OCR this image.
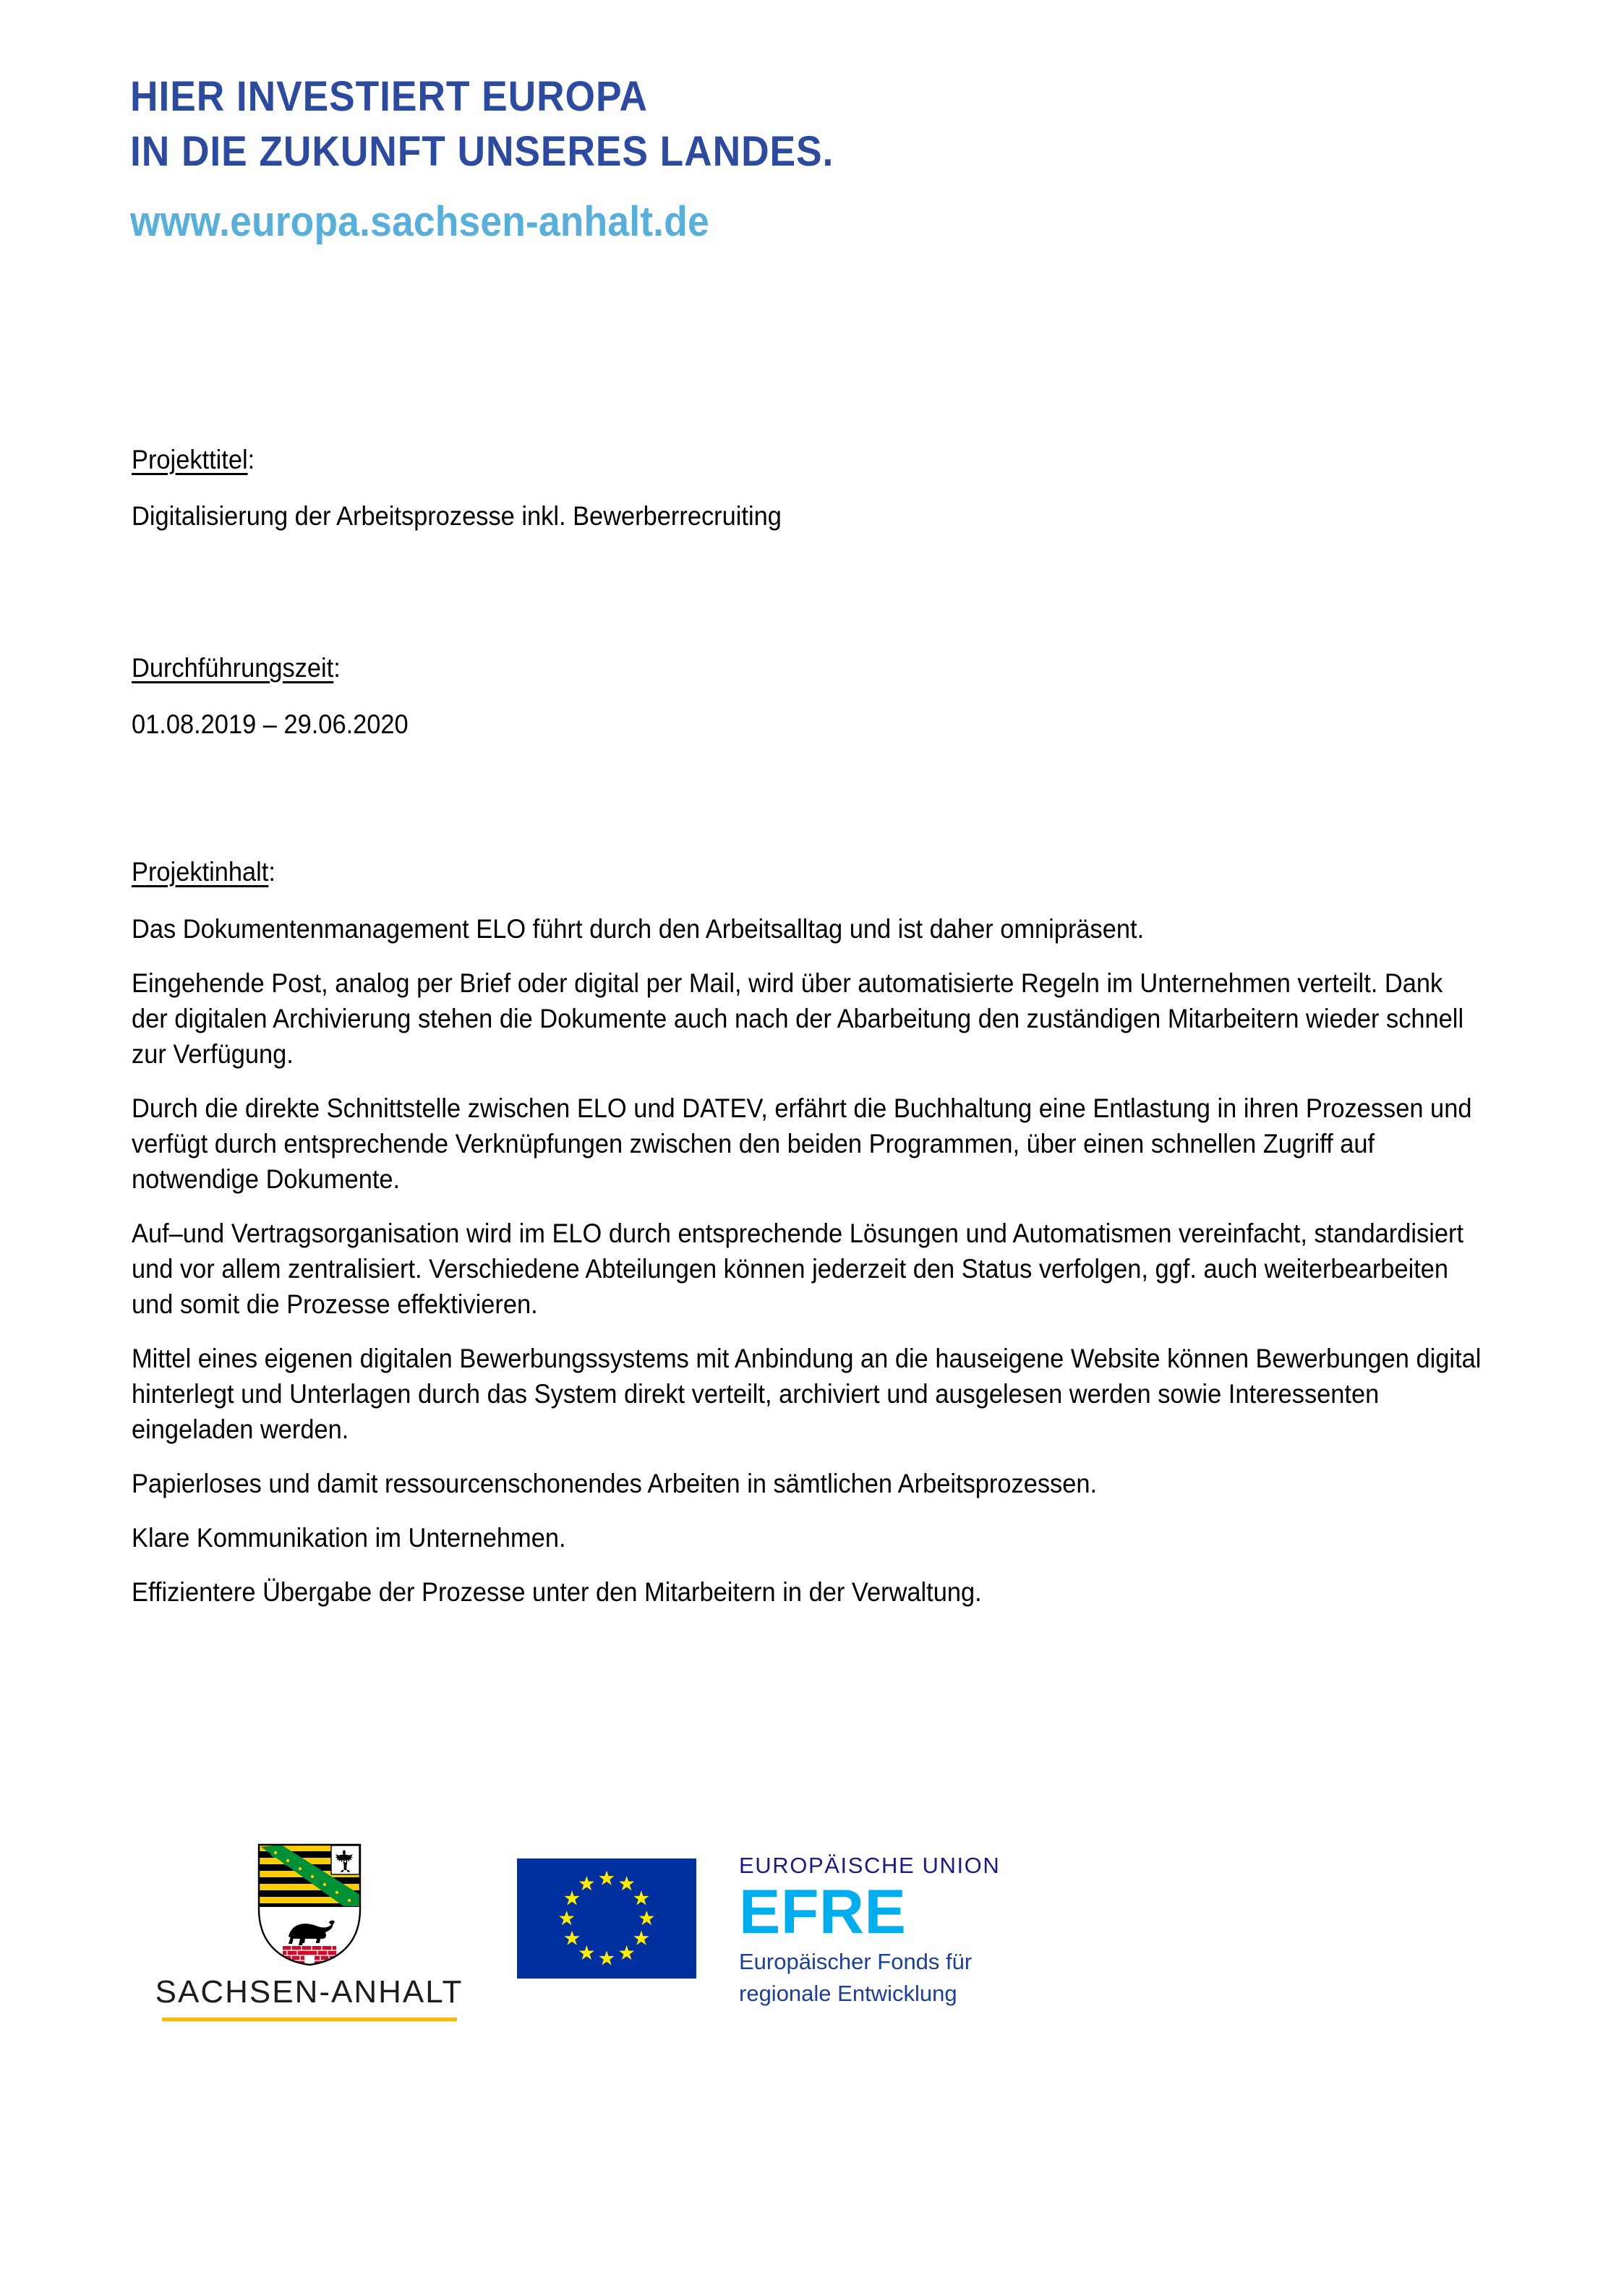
HIER INVESTIERT EUROPA
IN DIE ZUKUNFT UNSERES LANDES.
www.europa.sachsen-anhalt.de

Projekttitel:

Digitalisierung der Arbeitsprozesse inkl. Bewerberrecruiting

Durchführungszeit:

01.08.2019 – 29.06.2020

Projektinhalt:

Das Dokumentenmanagement ELO führt durch den Arbeitsalltag und ist daher omnipräsent.

Eingehende Post, analog per Brief oder digital per Mail, wird über automatisierte Regeln im Unternehmen verteilt. Dank der digitalen Archivierung stehen die Dokumente auch nach der Abarbeitung den zuständigen Mitarbeitern wieder schnell zur Verfügung.

Durch die direkte Schnittstelle zwischen ELO und DATEV, erfährt die Buchhaltung eine Entlastung in ihren Prozessen und verfügt durch entsprechende Verknüpfungen zwischen den beiden Programmen, über einen schnellen Zugriff auf notwendige Dokumente.

Auf–und Vertragsorganisation wird im ELO durch entsprechende Lösungen und Automatismen vereinfacht, standardisiert und vor allem zentralisiert. Verschiedene Abteilungen können jederzeit den Status verfolgen, ggf. auch weiterbearbeiten und somit die Prozesse effektivieren.

Mittel eines eigenen digitalen Bewerbungssystems mit Anbindung an die hauseigene Website können Bewerbungen digital hinterlegt und Unterlagen durch das System direkt verteilt, archiviert und ausgelesen werden sowie Interessenten eingeladen werden.

Papierloses und damit ressourcenschonendes Arbeiten in sämtlichen Arbeitsprozessen.

Klare Kommunikation im Unternehmen.

Effizientere Übergabe der Prozesse unter den Mitarbeitern in der Verwaltung.

SACHSEN-ANHALT
EUROPÄISCHE UNION
EFRE
Europäischer Fonds für
regionale Entwicklung
